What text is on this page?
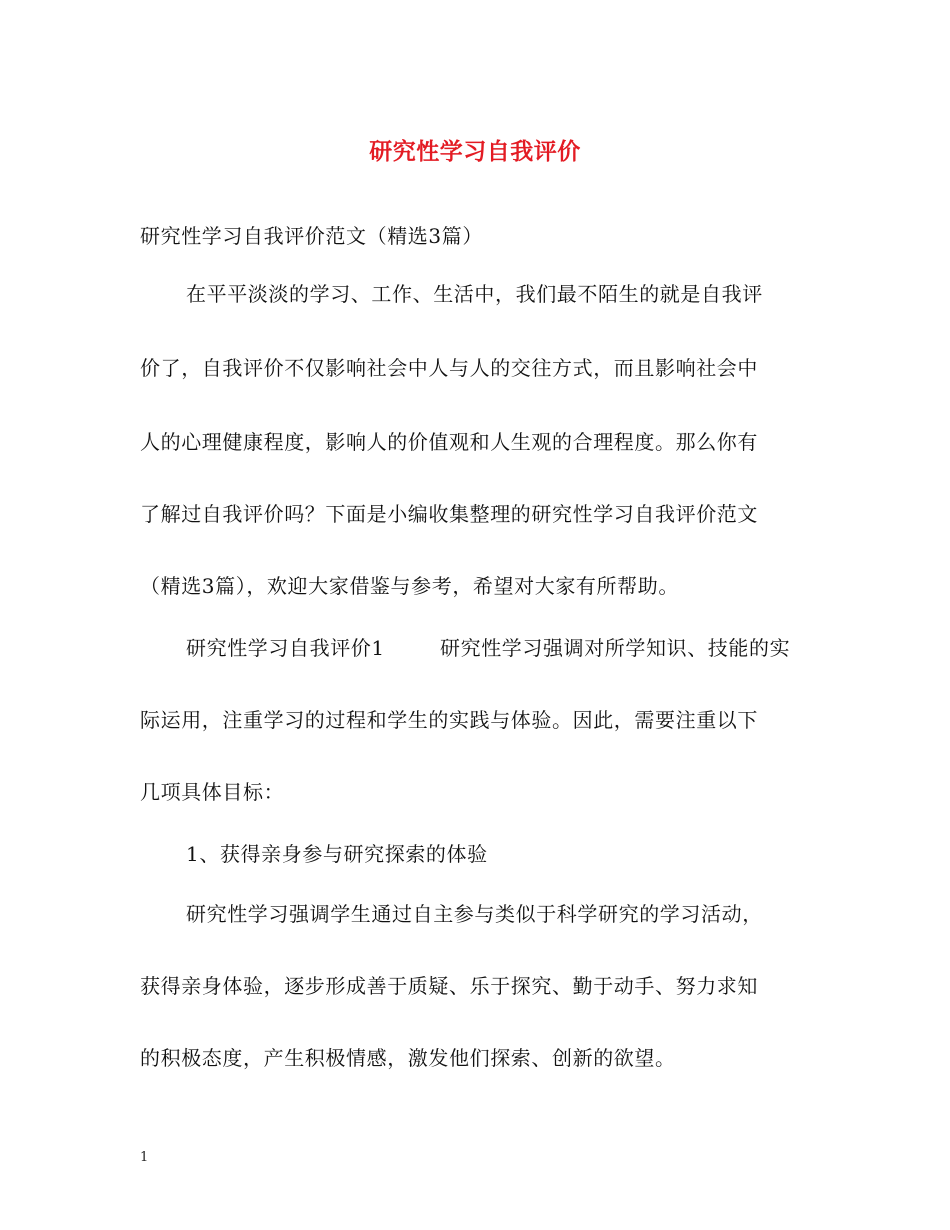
研究性学习自我评价
研究性学习自我评价范文（精选3篇）
在平平淡淡的学习、工作、生活中，我们最不陌生的就是自我评
价了，自我评价不仅影响社会中人与人的交往方式，而且影响社会中
人的心理健康程度，影响人的价值观和人生观的合理程度。那么你有
了解过自我评价吗？下面是小编收集整理的研究性学习自我评价范文
（精选3篇），欢迎大家借鉴与参考，希望对大家有所帮助。
研究性学习自我评价1	研究性学习强调对所学知识、技能的实
际运用，注重学习的过程和学生的实践与体验。因此，需要注重以下
几项具体目标：
1、获得亲身参与研究探索的体验
研究性学习强调学生通过自主参与类似于科学研究的学习活动，
获得亲身体验，逐步形成善于质疑、乐于探究、勤于动手、努力求知
的积极态度，产生积极情感，激发他们探索、创新的欲望。
1
